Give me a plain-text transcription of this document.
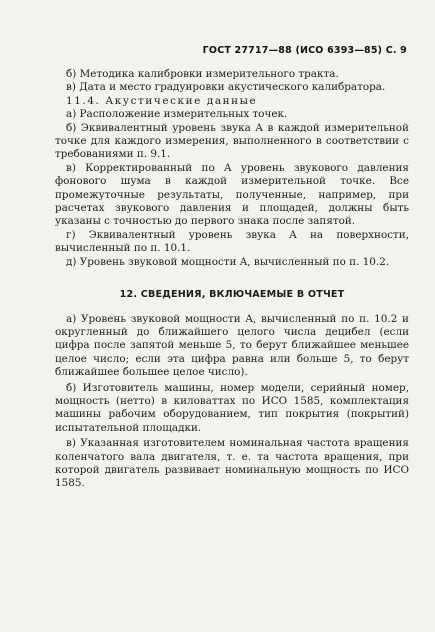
ГОСТ 27717—88 (ИСО 6393—85) С. 9

б) Методика калибровки измерительного тракта.

в) Дата и место градуировки акустического калибратора.

11.4. Акустические данные

а) Расположение измерительных точек.

б) Эквивалентный уровень звука A в каждой измерительной точке для каждого измерения, выполненного в соответствии с требованиями п. 9.1.

в) Корректированный по A уровень звукового давления фонового шума в каждой измерительной точке. Все промежуточные результаты, полученные, например, при расчетах звукового давления и площадей, должны быть указаны с точностью до первого знака после запятой.

г) Эквивалентный уровень звука A на поверхности, вычисленный по п. 10.1.

д) Уровень звуковой мощности A, вычисленный по п. 10.2.

12. СВЕДЕНИЯ, ВКЛЮЧАЕМЫЕ В ОТЧЕТ

а) Уровень звуковой мощности A, вычисленный по п. 10.2 и округленный до ближайшего целого числа децибел (если цифра после запятой меньше 5, то берут ближайшее меньшее целое число; если эта цифра равна или больше 5, то берут ближайшее большее целое число).

б) Изготовитель машины, номер модели, серийный номер, мощность (нетто) в киловаттах по ИСО 1585, комплектация машины рабочим оборудованием, тип покрытия (покрытий) испытательной площадки.

в) Указанная изготовителем номинальная частота вращения коленчатого вала двигателя, т. е. та частота вращения, при которой двигатель развивает номинальную мощность по ИСО 1585.
